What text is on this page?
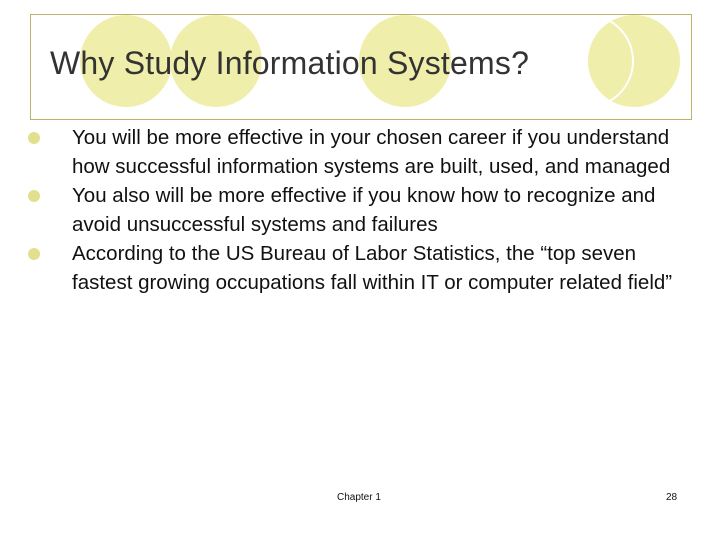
Why Study Information Systems?
You will be more effective in your chosen career if you understand how successful information systems are built, used, and managed
You also will be more effective if you know how to recognize and avoid unsuccessful systems and failures
According to the US Bureau of Labor Statistics, the “top seven fastest growing occupations fall within IT or computer related field”
Chapter 1	28
